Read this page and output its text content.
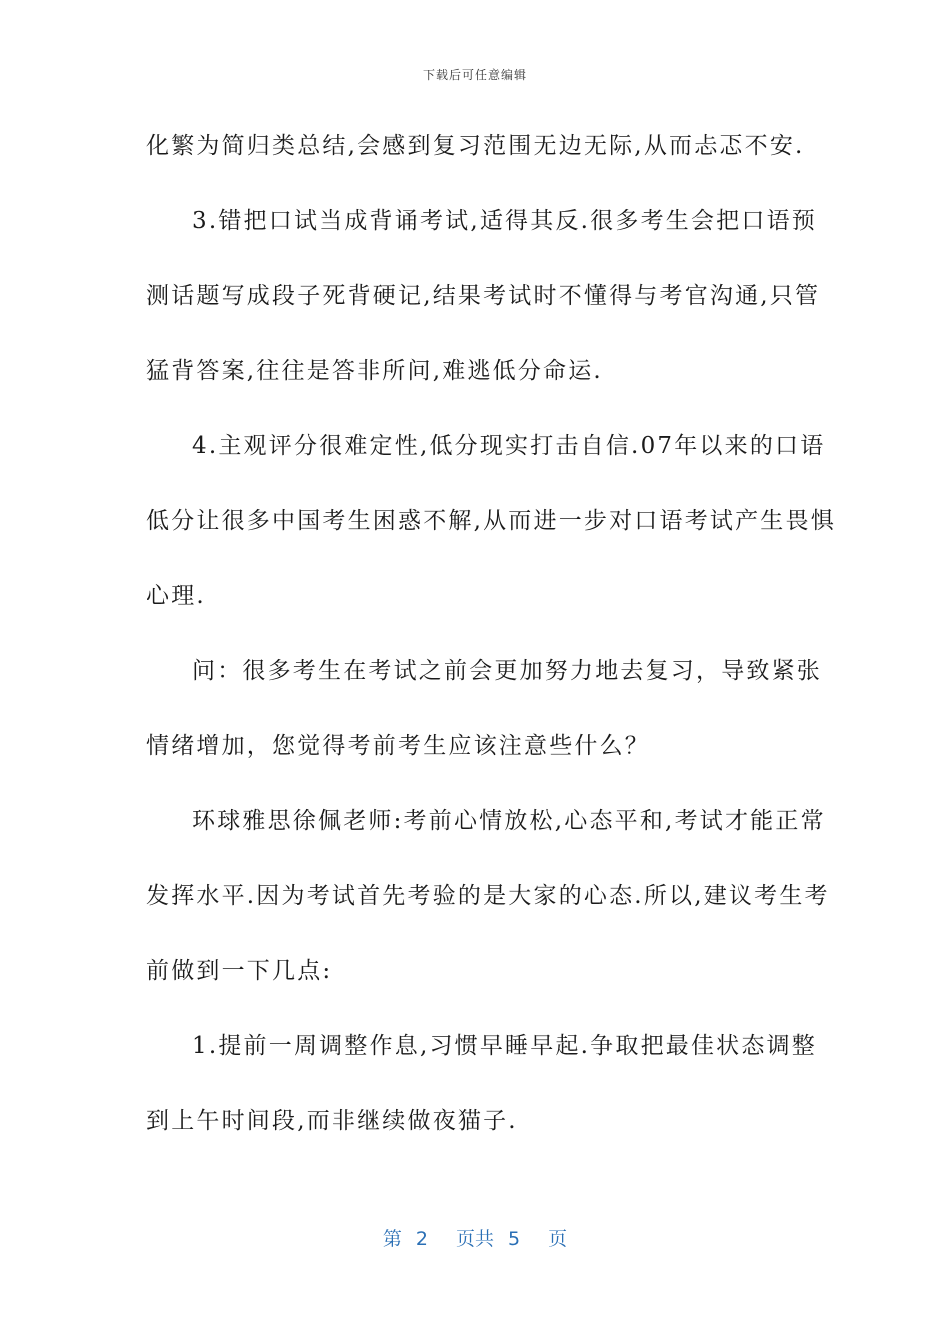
下载后可任意编辑
化繁为简归类总结,会感到复习范围无边无际,从而忐忑不安.
3.错把口试当成背诵考试,适得其反.很多考生会把口语预
测话题写成段子死背硬记,结果考试时不懂得与考官沟通,只管
猛背答案,往往是答非所问,难逃低分命运.
4.主观评分很难定性,低分现实打击自信.07年以来的口语
低分让很多中国考生困惑不解,从而进一步对口语考试产生畏惧
心理.
问：很多考生在考试之前会更加努力地去复习，导致紧张
情绪增加，您觉得考前考生应该注意些什么？
环球雅思徐佩老师:考前心情放松,心态平和,考试才能正常
发挥水平.因为考试首先考验的是大家的心态.所以,建议考生考
前做到一下几点:
1.提前一周调整作息,习惯早睡早起.争取把最佳状态调整
到上午时间段,而非继续做夜猫子.
第 2 页共 5 页
